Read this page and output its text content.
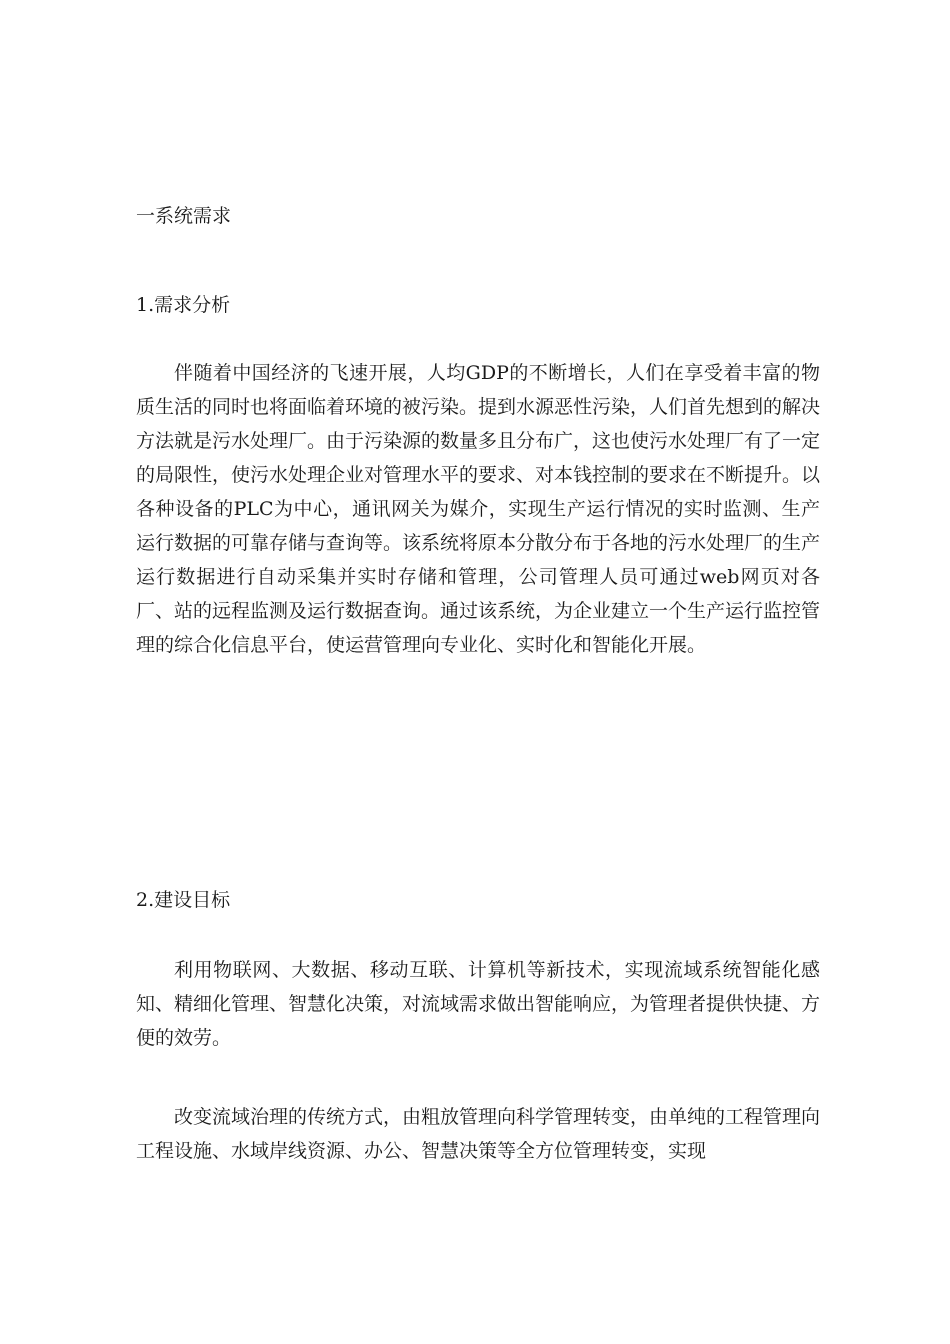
一系统需求
1.需求分析
伴随着中国经济的飞速开展，人均GDP的不断增长，人们在享受着丰富的物质生活的同时也将面临着环境的被污染。提到水源恶性污染，人们首先想到的解决方法就是污水处理厂。由于污染源的数量多且分布广，这也使污水处理厂有了一定的局限性，使污水处理企业对管理水平的要求、对本钱控制的要求在不断提升。以各种设备的PLC为中心，通讯网关为媒介，实现生产运行情况的实时监测、生产运行数据的可靠存储与查询等。该系统将原本分散分布于各地的污水处理厂的生产运行数据进行自动采集并实时存储和管理，公司管理人员可通过web网页对各厂、站的远程监测及运行数据查询。通过该系统，为企业建立一个生产运行监控管理的综合化信息平台，使运营管理向专业化、实时化和智能化开展。
2.建设目标
利用物联网、大数据、移动互联、计算机等新技术，实现流域系统智能化感知、精细化管理、智慧化决策，对流域需求做出智能响应，为管理者提供快捷、方便的效劳。
改变流域治理的传统方式，由粗放管理向科学管理转变，由单纯的工程管理向工程设施、水域岸线资源、办公、智慧决策等全方位管理转变，实现
